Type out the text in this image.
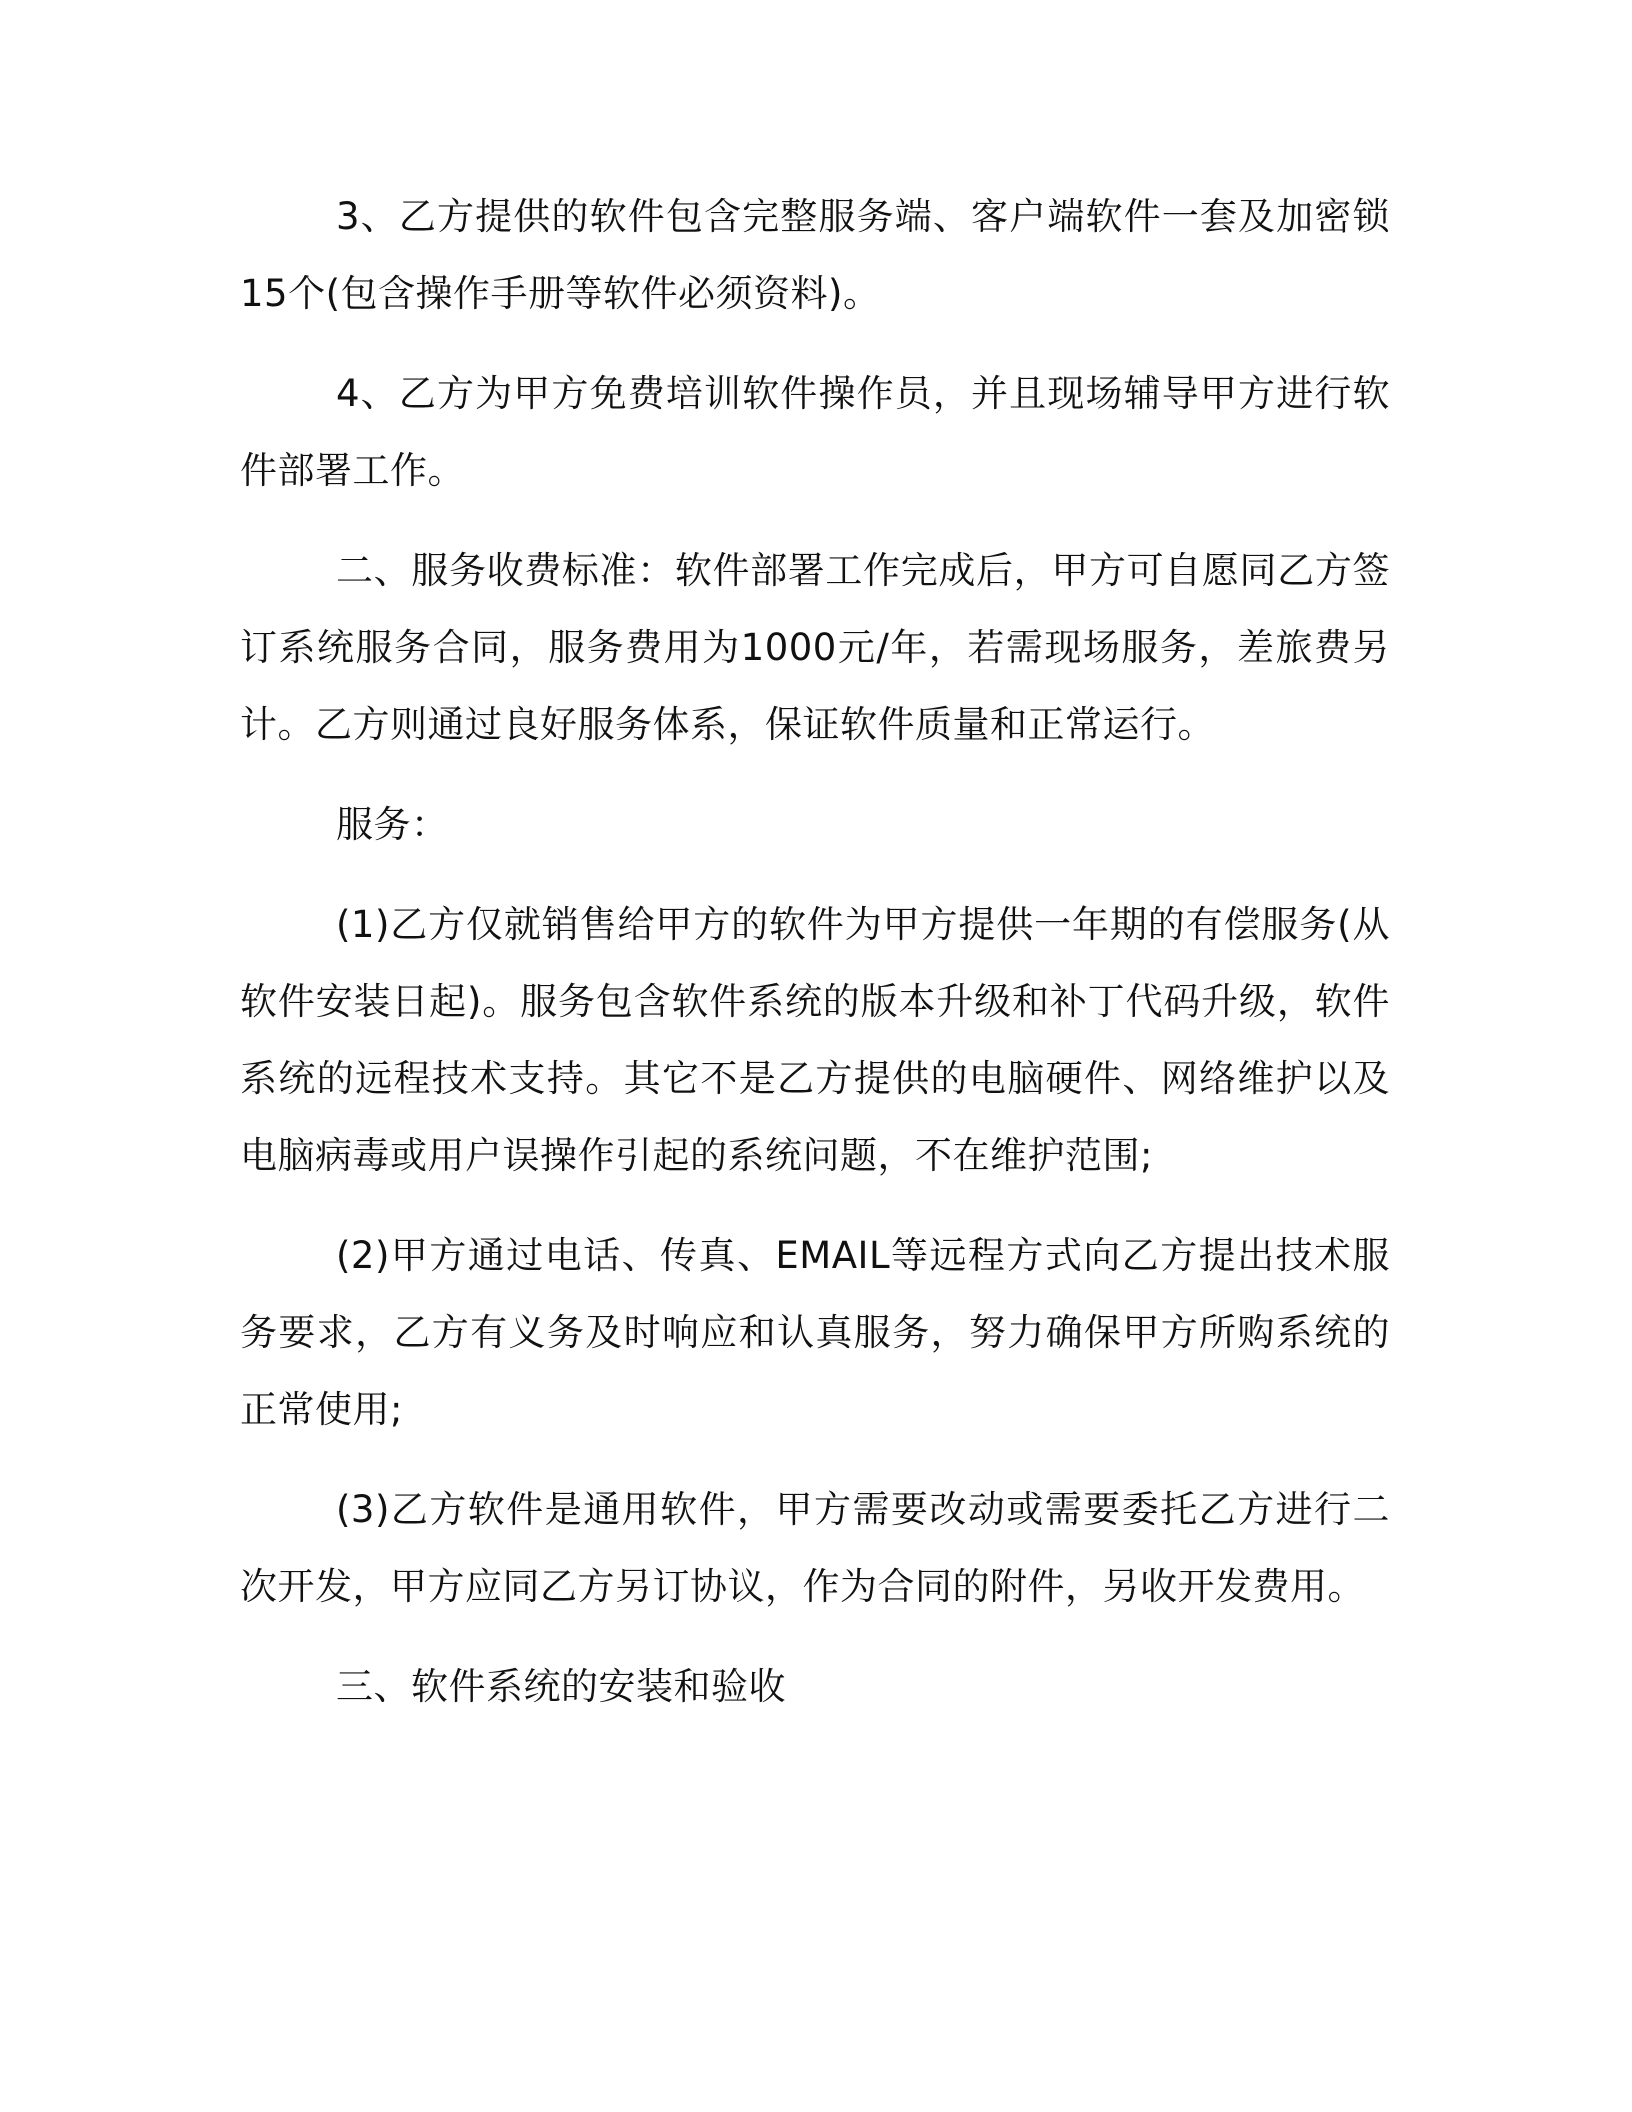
3、乙方提供的软件包含完整服务端、客户端软件一套及加密锁15个(包含操作手册等软件必须资料)。

4、乙方为甲方免费培训软件操作员，并且现场辅导甲方进行软件部署工作。

二、服务收费标准：软件部署工作完成后，甲方可自愿同乙方签订系统服务合同，服务费用为1000元/年，若需现场服务，差旅费另计。乙方则通过良好服务体系，保证软件质量和正常运行。

服务：

(1)乙方仅就销售给甲方的软件为甲方提供一年期的有偿服务(从软件安装日起)。服务包含软件系统的版本升级和补丁代码升级，软件系统的远程技术支持。其它不是乙方提供的电脑硬件、网络维护以及电脑病毒或用户误操作引起的系统问题，不在维护范围;

(2)甲方通过电话、传真、EMAIL等远程方式向乙方提出技术服务要求，乙方有义务及时响应和认真服务，努力确保甲方所购系统的正常使用;

(3)乙方软件是通用软件，甲方需要改动或需要委托乙方进行二次开发，甲方应同乙方另订协议，作为合同的附件，另收开发费用。

三、软件系统的安装和验收
